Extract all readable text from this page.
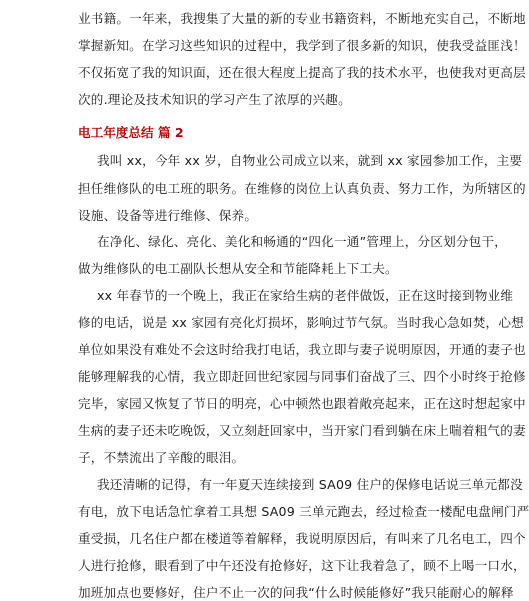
业书籍。一年来，我搜集了大量的新的专业书籍资料，不断地充实自己，不断地
掌握新知。在学习这些知识的过程中，我学到了很多新的知识，使我受益匪浅！
不仅拓宽了我的知识面，还在很大程度上提高了我的技术水平，也使我对更高层
次的.理论及技术知识的学习产生了浓厚的兴趣。
电工年度总结 篇 2
我叫 xx，今年 xx 岁，自物业公司成立以来，就到 xx 家园参加工作，主要
担任维修队的电工班的职务。在维修的岗位上认真负责、努力工作，为所辖区的
设施、设备等进行维修、保养。
在净化、绿化、亮化、美化和畅通的“四化一通”管理上，分区划分包干，
做为维修队的电工副队长想从安全和节能降耗上下工夫。
xx 年春节的一个晚上，我正在家给生病的老伴做饭，正在这时接到物业维
修的电话，说是 xx 家园有亮化灯损坏，影响过节气氛。当时我心急如焚，心想
单位如果没有难处不会这时给我打电话，我立即与妻子说明原因，开通的妻子也
能够理解我的心情，我立即赶回世纪家园与同事们奋战了三、四个小时终于抢修
完毕，家园又恢复了节日的明亮，心中顿然也跟着敞亮起来，正在这时想起家中
生病的妻子还未吃晚饭，又立刻赶回家中，当开家门看到躺在床上喘着粗气的妻
子，不禁流出了辛酸的眼泪。
我还清晰的记得，有一年夏天连续接到 SA09 住户的保修电话说三单元都没
有电，放下电话急忙拿着工具想 SA09 三单元跑去，经过检查一楼配电盘闸门严
重受损，几名住户都在楼道等着解释，我说明原因后，有叫来了几名电工，四个
人进行抢修，眼看到了中午还没有抢修好，这下让我着急了，顾不上喝一口水，
加班加点也要修好，住户不止一次的问我“什么时候能修好”我只能耐心的解释
